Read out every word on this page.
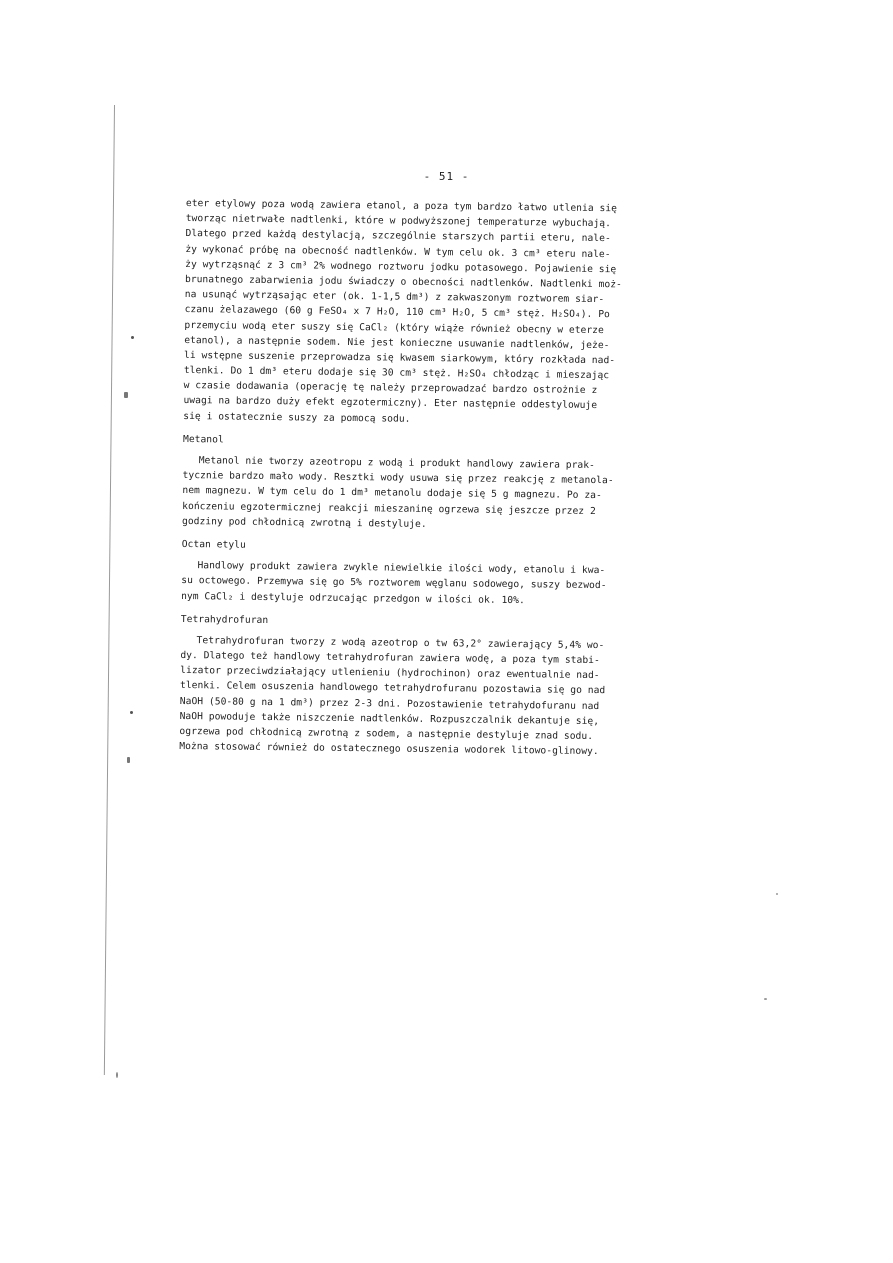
- 51 -
eter etylowy poza wodą zawiera etanol, a poza tym bardzo łatwo utlenia się
tworząc nietrwałe nadtlenki, które w podwyższonej temperaturze wybuchają.
Dlatego przed każdą destylacją, szczególnie starszych partii eteru, nale-
ży wykonać próbę na obecność nadtlenków. W tym celu ok. 3 cm³ eteru nale-
ży wytrząsnąć z 3 cm³ 2% wodnego roztworu jodku potasowego. Pojawienie się
brunatnego zabarwienia jodu świadczy o obecności nadtlenków. Nadtlenki moż-
na usunąć wytrząsając eter (ok. 1-1,5 dm³) z zakwaszonym roztworem siar-
czanu żelazawego (60 g FeSO₄ x 7 H₂O, 110 cm³ H₂O, 5 cm³ stęż. H₂SO₄). Po
przemyciu wodą eter suszy się CaCl₂ (który wiąże również obecny w eterze
etanol), a następnie sodem. Nie jest konieczne usuwanie nadtlenków, jeże-
li wstępne suszenie przeprowadza się kwasem siarkowym, który rozkłada nad-
tlenki. Do 1 dm³ eteru dodaje się 30 cm³ stęż. H₂SO₄ chłodząc i mieszając
w czasie dodawania (operację tę należy przeprowadzać bardzo ostrożnie z
uwagi na bardzo duży efekt egzotermiczny). Eter następnie oddestylowuje
się i ostatecznie suszy za pomocą sodu.
Metanol
Metanol nie tworzy azeotropu z wodą i produkt handlowy zawiera prak-
tycznie bardzo mało wody. Resztki wody usuwa się przez reakcję z metanola-
nem magnezu. W tym celu do 1 dm³ metanolu dodaje się 5 g magnezu. Po za-
kończeniu egzotermicznej reakcji mieszaninę ogrzewa się jeszcze przez 2
godziny pod chłodnicą zwrotną i destyluje.
Octan etylu
Handlowy produkt zawiera zwykle niewielkie ilości wody, etanolu i kwa-
su octowego. Przemywa się go 5% roztworem węglanu sodowego, suszy bezwod-
nym CaCl₂ i destyluje odrzucając przedgon w ilości ok. 10%.
Tetrahydrofuran
Tetrahydrofuran tworzy z wodą azeotrop o tw 63,2° zawierający 5,4% wo-
dy. Dlatego też handlowy tetrahydrofuran zawiera wodę, a poza tym stabi-
lizator przeciwdziałający utlenieniu (hydrochinon) oraz ewentualnie nad-
tlenki. Celem osuszenia handlowego tetrahydrofuranu pozostawia się go nad
NaOH (50-80 g na 1 dm³) przez 2-3 dni. Pozostawienie tetrahydofuranu nad
NaOH powoduje także niszczenie nadtlenków. Rozpuszczalnik dekantuje się,
ogrzewa pod chłodnicą zwrotną z sodem, a następnie destyluje znad sodu.
Można stosować również do ostatecznego osuszenia wodorek litowo-glinowy.
